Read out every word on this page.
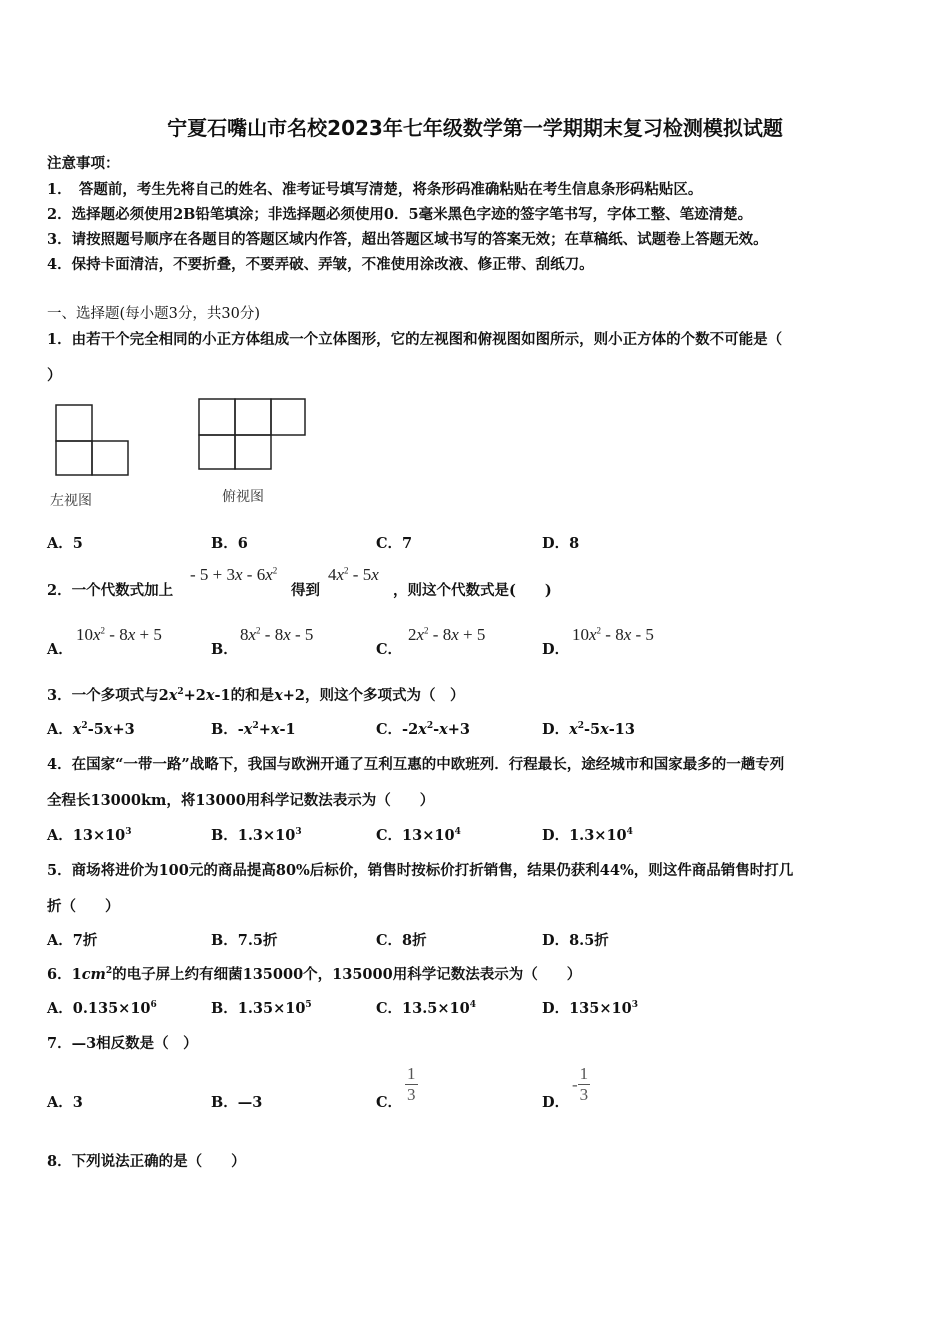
宁夏石嘴山市名校2023年七年级数学第一学期期末复习检测模拟试题
注意事项：
1．　答题前，考生先将自己的姓名、准考证号填写清楚，将条形码准确粘贴在考生信息条形码粘贴区。
2．选择题必须使用2B铅笔填涂；非选择题必须使用0．5毫米黑色字迹的签字笔书写，字体工整、笔迹清楚。
3．请按照题号顺序在各题目的答题区域内作答，超出答题区域书写的答案无效；在草稿纸、试题卷上答题无效。
4．保持卡面清洁，不要折叠，不要弄破、弄皱，不准使用涂改液、修正带、刮纸刀。
一、选择题(每小题3分，共30分)
1．由若干个完全相同的小正方体组成一个立体图形，它的左视图和俯视图如图所示，则小正方体的个数不可能是（
）
左视图	俯视图
A．5	B．6	C．7	D．8
2．一个代数式加上
- $5 + 3x - 6x^2$
得到
$4x^2 - 5x$
，则这个代数式是(　　)
A．
$10x^2 - 8x + 5$
B．
$8x^2 - 8x - 5$
C．
$2x^2 - 8x + 5$
D．
$10x^2 - 8x - 5$
3．一个多项式与$2x^2+2x-1$的和是x+2，则这个多项式为（　）
A．$x^2-5x+3$	B．$-x^2+x-1$	C．$-2x^2-x+3$	D．$x^2-5x-13$
4．在国家“一带一路”战略下，我国与欧洲开通了互利互惠的中欧班列．行程最长，途经城市和国家最多的一趟专列
全程长13000km，将13000用科学记数法表示为（　　）
A．$13\times 10^3$	B．$1.3\times 10^3$	C．$13\times 10^4$	D．$1.3\times 10^4$
5．商场将进价为100元的商品提高80%后标价，销售时按标价打折销售，结果仍获利44%，则这件商品销售时打几
折（　　）
A．7折	B．7.5折	C．8折	D．8.5折
6．$1cm^2$的电子屏上约有细菌135000个，135000用科学记数法表示为（　　）
A．$0.135\times 10^6$	B．$1.35\times 10^5$	C．$13.5\times 10^4$	D．$135\times 10^3$
7．—3相反数是（　）
A．3	B．—3	C． $\frac{1}{3}$	D．
- $\frac{1}{3}$
8．下列说法正确的是（　　）
